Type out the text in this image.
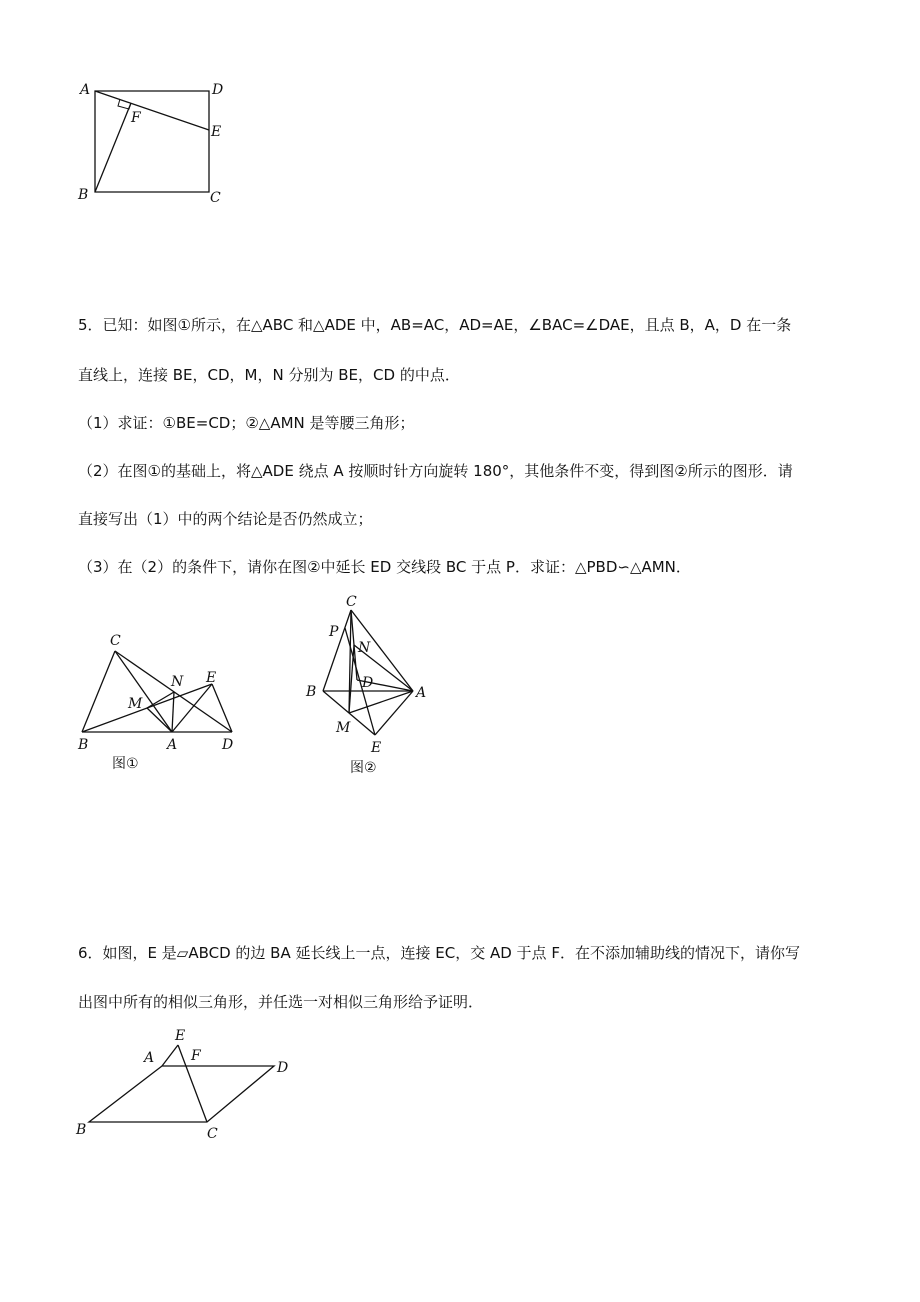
A	D
E
F
B	C
5．已知：如图①所示，在△ABC 和△ADE 中，AB=AC，AD=AE，∠BAC=∠DAE，且点 B，A，D 在一条
直线上，连接 BE，CD，M，N 分别为 BE，CD 的中点．
（1）求证：①BE=CD；②△AMN 是等腰三角形；
（2）在图①的基础上，将△ADE 绕点 A 按顺时针方向旋转 180°，其他条件不变，得到图②所示的图形．请
直接写出（1）中的两个结论是否仍然成立；
（3）在（2）的条件下，请你在图②中延长 ED 交线段 BC 于点 P．求证：△PBD∽△AMN．
C
N E
M
B	A	D
图①
C
P
N
D
B	A
M
E
图②
6．如图，E 是▱ABCD 的边 BA 延长线上一点，连接 EC，交 AD 于点 F．在不添加辅助线的情况下，请你写
出图中所有的相似三角形，并任选一对相似三角形给予证明．
E
A	F
D
B	C
